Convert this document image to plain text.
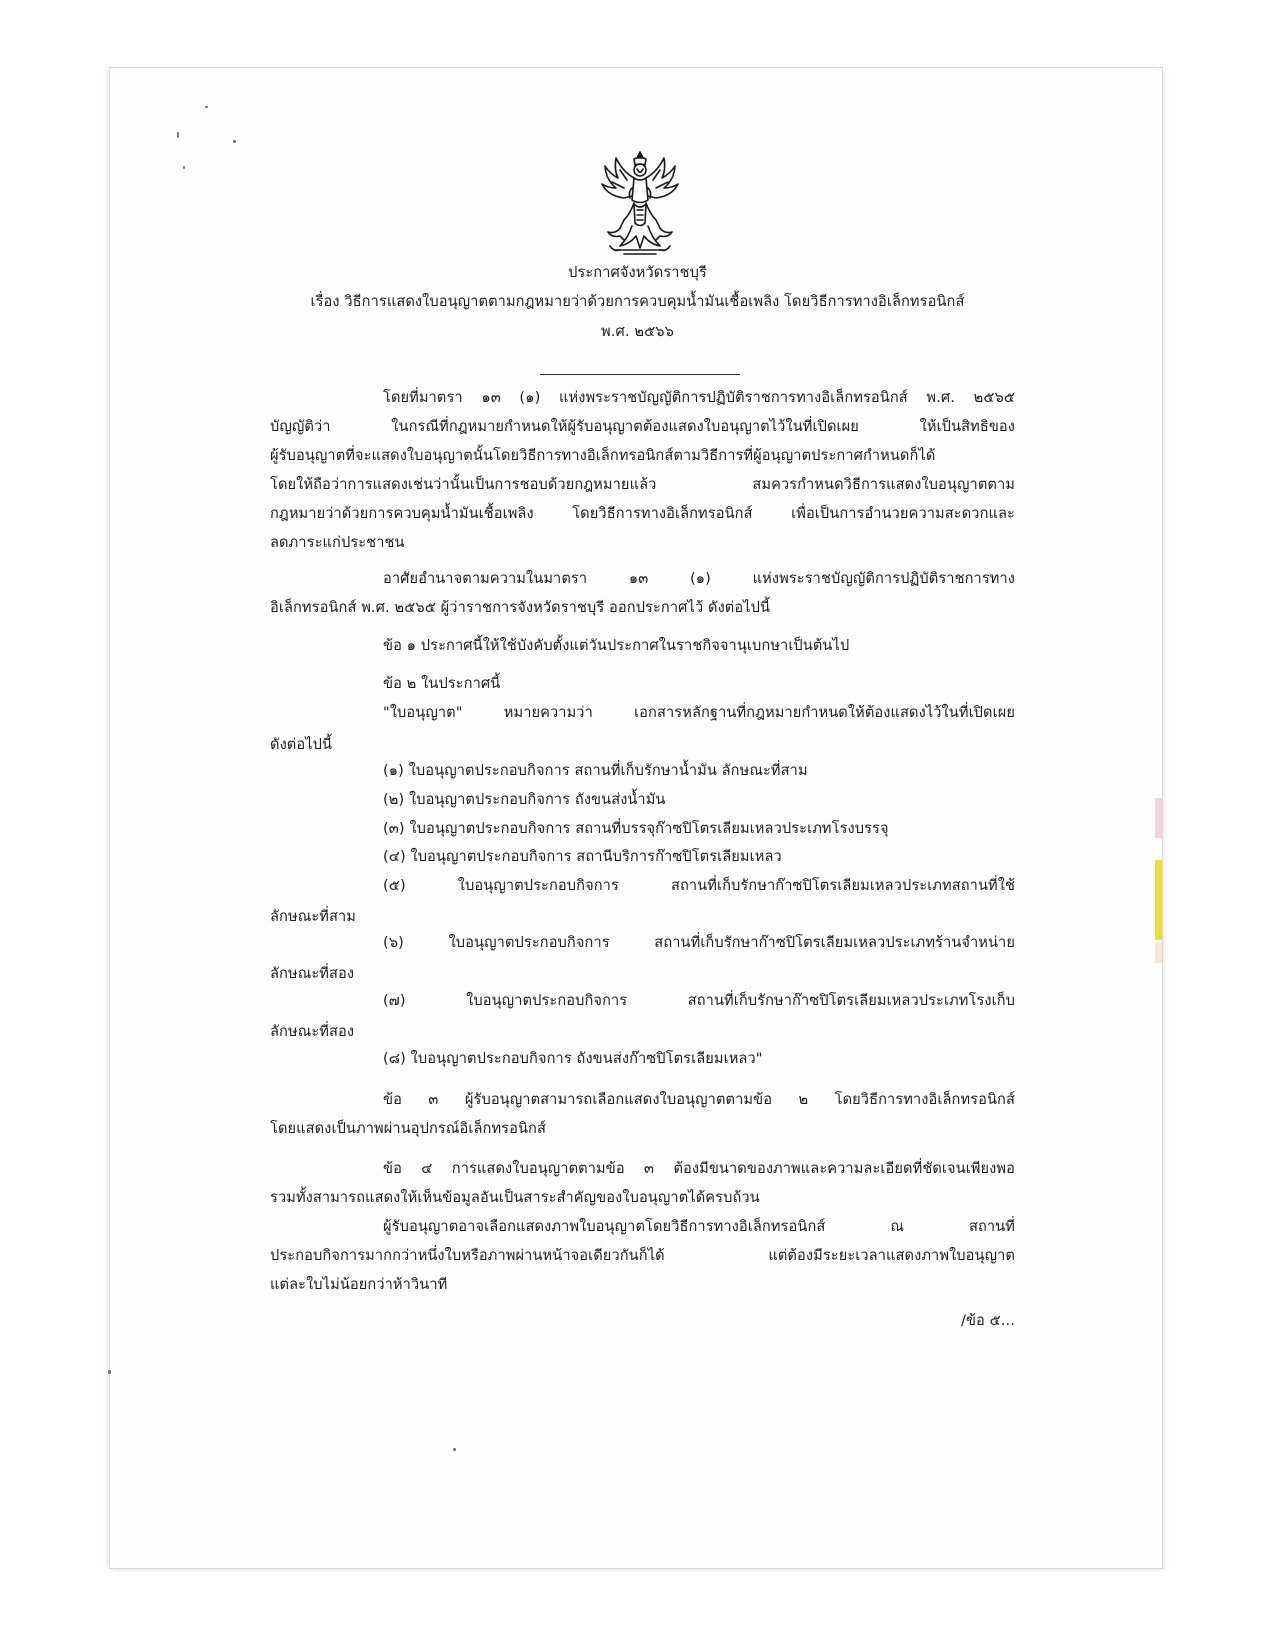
ประกาศจังหวัดราชบุรี
เรื่อง วิธีการแสดงใบอนุญาตตามกฎหมายว่าด้วยการควบคุมน้ำมันเชื้อเพลิง โดยวิธีการทางอิเล็กทรอนิกส์
พ.ศ. ๒๕๖๖
โดยที่มาตรา ๑๓ (๑) แห่งพระราชบัญญัติการปฏิบัติราชการทางอิเล็กทรอนิกส์ พ.ศ. ๒๕๖๕
บัญญัติว่า ในกรณีที่กฎหมายกำหนดให้ผู้รับอนุญาตต้องแสดงใบอนุญาตไว้ในที่เปิดเผย ให้เป็นสิทธิของ
ผู้รับอนุญาตที่จะแสดงใบอนุญาตนั้นโดยวิธีการทางอิเล็กทรอนิกส์ตามวิธีการที่ผู้อนุญาตประกาศกำหนดก็ได้
โดยให้ถือว่าการแสดงเช่นว่านั้นเป็นการชอบด้วยกฎหมายแล้ว สมควรกำหนดวิธีการแสดงใบอนุญาตตาม
กฎหมายว่าด้วยการควบคุมน้ำมันเชื้อเพลิง โดยวิธีการทางอิเล็กทรอนิกส์ เพื่อเป็นการอำนวยความสะดวกและ
ลดภาระแก่ประชาชน
อาศัยอำนาจตามความในมาตรา ๑๓ (๑) แห่งพระราชบัญญัติการปฏิบัติราชการทาง
อิเล็กทรอนิกส์ พ.ศ. ๒๕๖๕ ผู้ว่าราชการจังหวัดราชบุรี ออกประกาศไว้ ดังต่อไปนี้
ข้อ ๑ ประกาศนี้ให้ใช้บังคับตั้งแต่วันประกาศในราชกิจจานุเบกษาเป็นต้นไป
ข้อ ๒ ในประกาศนี้
"ใบอนุญาต" หมายความว่า เอกสารหลักฐานที่กฎหมายกำหนดให้ต้องแสดงไว้ในที่เปิดเผย
ดังต่อไปนี้
(๑) ใบอนุญาตประกอบกิจการ สถานที่เก็บรักษาน้ำมัน ลักษณะที่สาม
(๒) ใบอนุญาตประกอบกิจการ ถังขนส่งน้ำมัน
(๓) ใบอนุญาตประกอบกิจการ สถานที่บรรจุก๊าซปิโตรเลียมเหลวประเภทโรงบรรจุ
(๔) ใบอนุญาตประกอบกิจการ สถานีบริการก๊าซปิโตรเลียมเหลว
(๕) ใบอนุญาตประกอบกิจการ สถานที่เก็บรักษาก๊าซปิโตรเลียมเหลวประเภทสถานที่ใช้
ลักษณะที่สาม
(๖) ใบอนุญาตประกอบกิจการ สถานที่เก็บรักษาก๊าซปิโตรเลียมเหลวประเภทร้านจำหน่าย
ลักษณะที่สอง
(๗) ใบอนุญาตประกอบกิจการ สถานที่เก็บรักษาก๊าซปิโตรเลียมเหลวประเภทโรงเก็บ
ลักษณะที่สอง
(๘) ใบอนุญาตประกอบกิจการ ถังขนส่งก๊าซปิโตรเลียมเหลว"
ข้อ ๓ ผู้รับอนุญาตสามารถเลือกแสดงใบอนุญาตตามข้อ ๒ โดยวิธีการทางอิเล็กทรอนิกส์
โดยแสดงเป็นภาพผ่านอุปกรณ์อิเล็กทรอนิกส์
ข้อ ๔ การแสดงใบอนุญาตตามข้อ ๓ ต้องมีขนาดของภาพและความละเอียดที่ชัดเจนเพียงพอ
รวมทั้งสามารถแสดงให้เห็นข้อมูลอันเป็นสาระสำคัญของใบอนุญาตได้ครบถ้วน
ผู้รับอนุญาตอาจเลือกแสดงภาพใบอนุญาตโดยวิธีการทางอิเล็กทรอนิกส์ ณ สถานที่
ประกอบกิจการมากกว่าหนึ่งใบหรือภาพผ่านหน้าจอเดียวกันก็ได้ แต่ต้องมีระยะเวลาแสดงภาพใบอนุญาต
แต่ละใบไม่น้อยกว่าห้าวินาที
/ข้อ ๕...
